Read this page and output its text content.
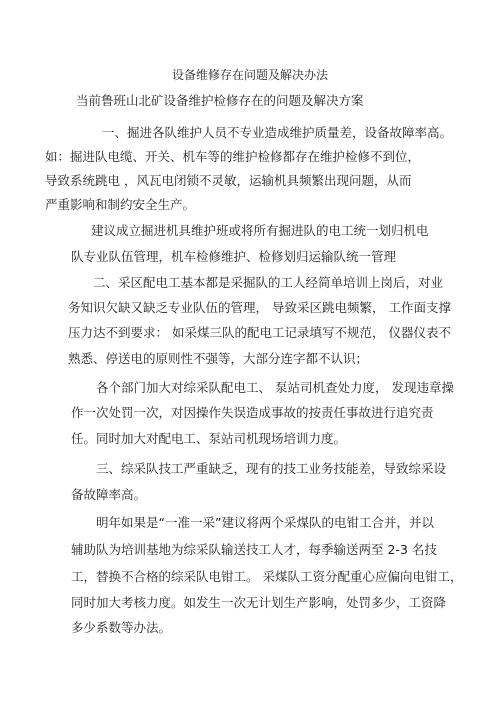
设备维修存在问题及解决办法
当前鲁班山北矿设备维护检修存在的问题及解决方案
一、掘进各队维护人员不专业造成维护质量差，设备故障率高。
如：掘进队电缆、开关、机车等的维护检修都存在维护检修不到位，
导致系统跳电 ，风瓦电闭锁不灵敏，运输机具频繁出现问题，从而
严重影响和制约安全生产。
建议成立掘进机具维护班或将所有掘进队的电工统一划归机电
队专业队伍管理，机车检修维护、检修划归运输队统一管理
二、采区配电工基本都是采掘队的工人经简单培训上岗后，对业
务知识欠缺又缺乏专业队伍的管理， 导致采区跳电频繁， 工作面支撑
压力达不到要求： 如采煤三队的配电工记录填写不规范， 仪器仪表不
熟悉、停送电的原则性不强等，大部分连字都不认识；
各个部门加大对综采队配电工、 泵站司机查处力度， 发现违章操
作一次处罚一次，对因操作失误造成事故的按责任事故进行追究责
任。同时加大对配电工、泵站司机现场培训力度。
三、综采队技工严重缺乏，现有的技工业务技能差，导致综采设
备故障率高。
明年如果是“一准一采”建议将两个采煤队的电钳工合并，并以
辅助队为培训基地为综采队输送技工人才，每季输送两至 2-3 名技
工，替换不合格的综采队电钳工。 采煤队工资分配重心应偏向电钳工，
同时加大考核力度。如发生一次无计划生产影响，处罚多少，工资降
多少系数等办法。
